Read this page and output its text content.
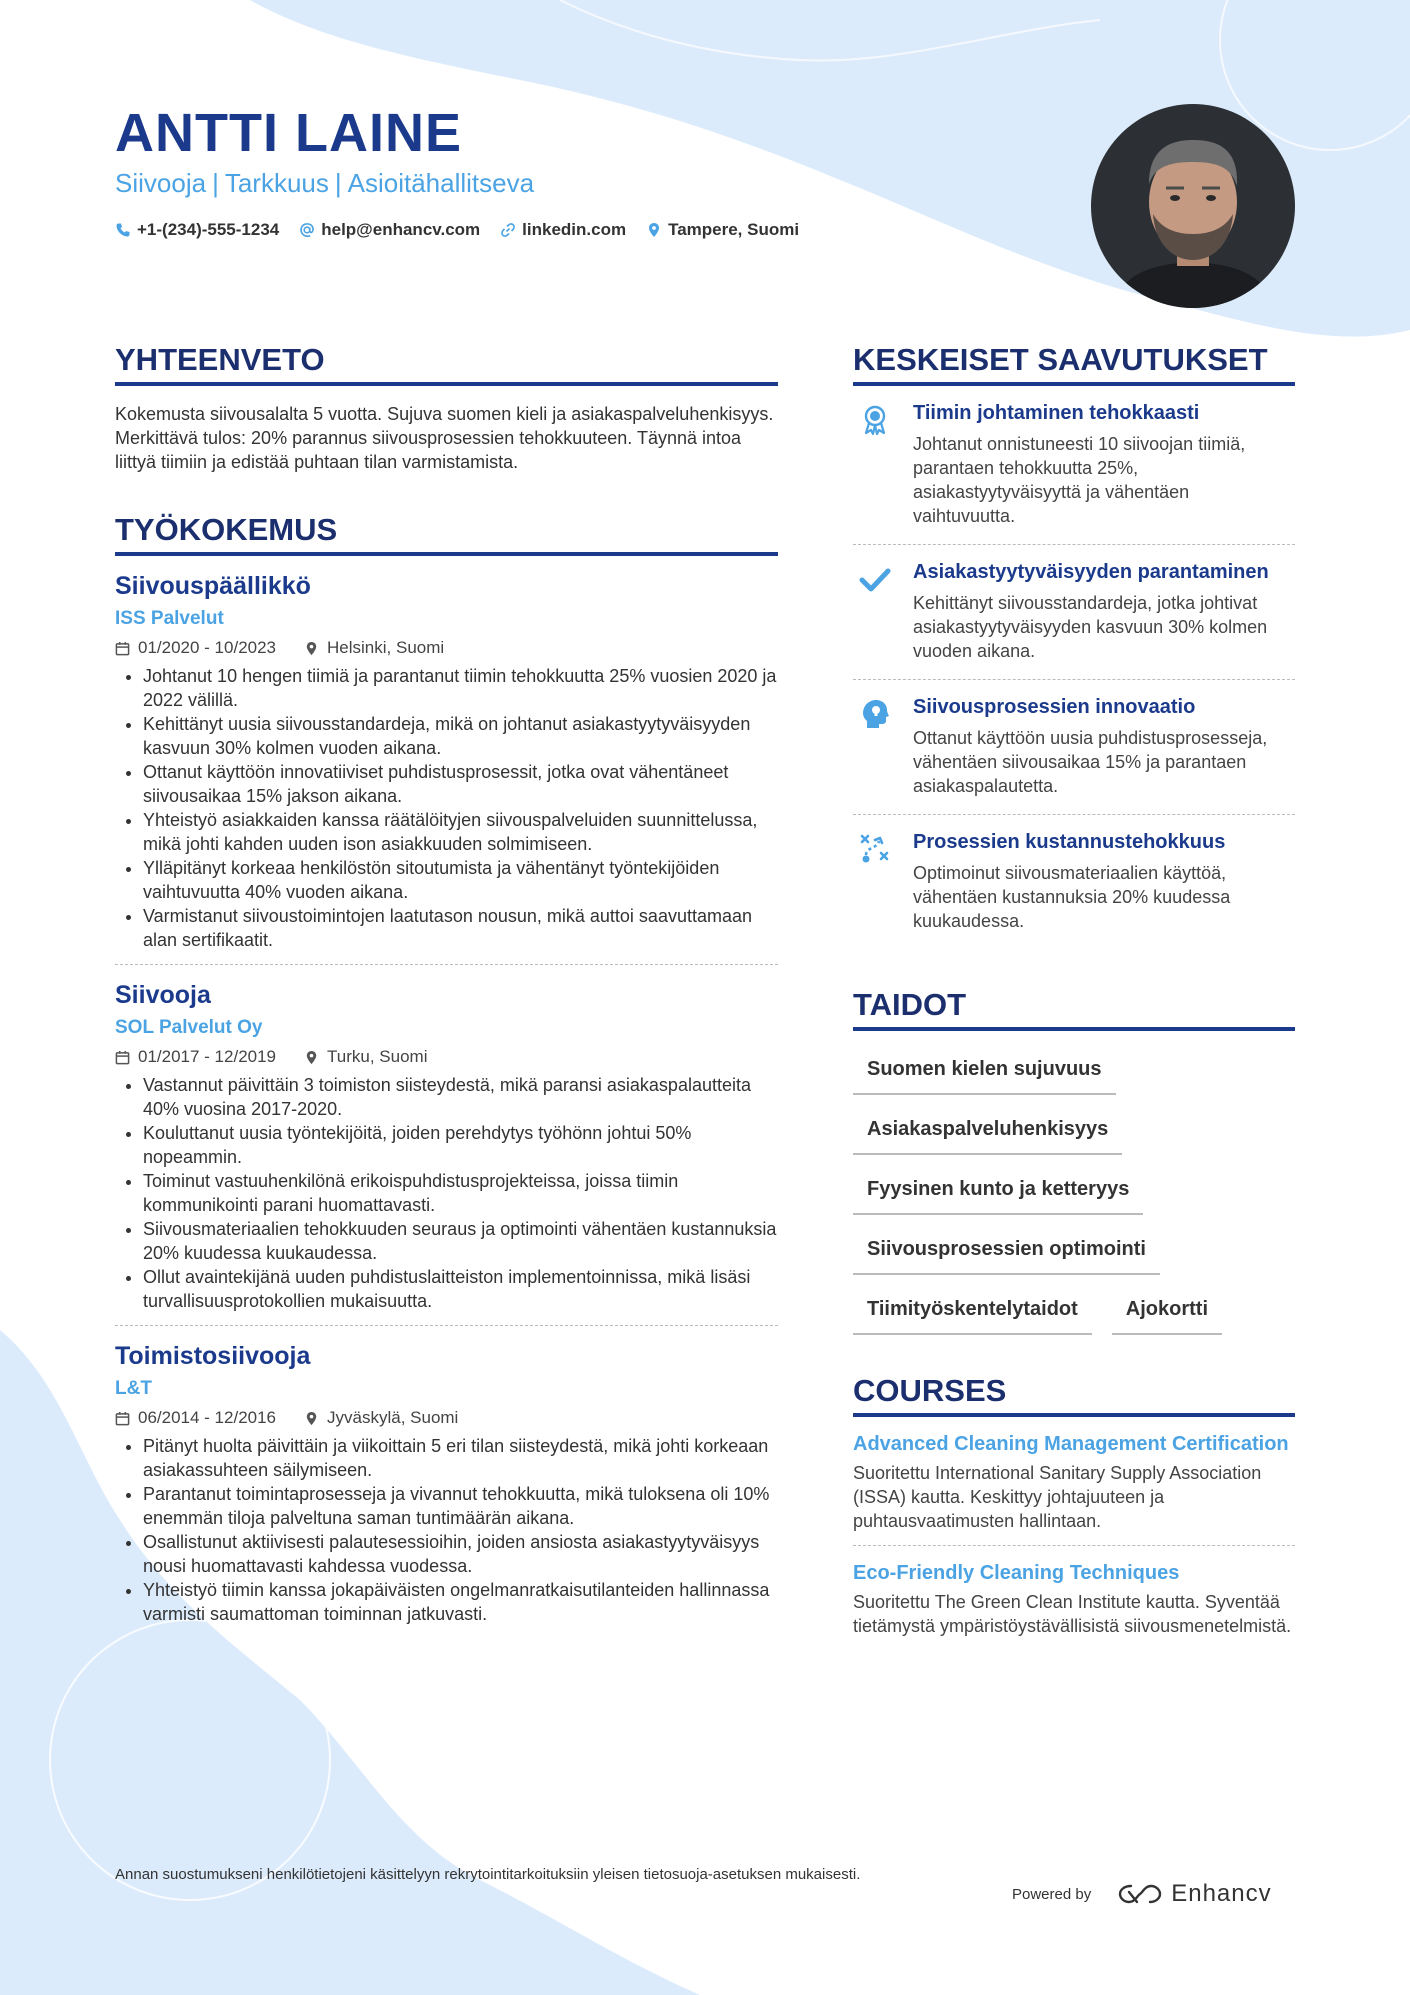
ANTTI LAINE
Siivooja | Tarkkuus | Asioitähallitseva
+1-(234)-555-1234 help@enhancv.com linkedin.com Tampere, Suomi
YHTEENVETO

Kokemusta siivousalalta 5 vuotta. Sujuva suomen kieli ja asiakaspalveluhenkisyys. Merkittävä tulos: 20% parannus siivousprosessien tehokkuuteen. Täynnä intoa liittyä tiimiin ja edistää puhtaan tilan varmistamista.

TYÖKOKEMUS
Siivouspäällikkö
ISS Palvelut
01/2020 - 10/2023	Helsinki, Suomi
• Johtanut 10 hengen tiimiä ja parantanut tiimin tehokkuutta 25% vuosien 2020 ja 2022 välillä.
• Kehittänyt uusia siivousstandardeja, mikä on johtanut asiakastyytyväisyyden kasvuun 30% kolmen vuoden aikana.
• Ottanut käyttöön innovatiiviset puhdistusprosessit, jotka ovat vähentäneet siivousaikaa 15% jakson aikana.
• Yhteistyö asiakkaiden kanssa räätälöityjen siivouspalveluiden suunnittelussa, mikä johti kahden uuden ison asiakkuuden solmimiseen.
• Ylläpitänyt korkeaa henkilöstön sitoutumista ja vähentänyt työntekijöiden vaihtuvuutta 40% vuoden aikana.
• Varmistanut siivoustoimintojen laatutason nousun, mikä auttoi saavuttamaan alan sertifikaatit.
Siivooja
SOL Palvelut Oy
01/2017 - 12/2019	Turku, Suomi
• Vastannut päivittäin 3 toimiston siisteydestä, mikä paransi asiakaspalautteita 40% vuosina 2017-2020.
• Kouluttanut uusia työntekijöitä, joiden perehdytys työhönn johtui 50% nopeammin.
• Toiminut vastuuhenkilönä erikoispuhdistusprojekteissa, joissa tiimin kommunikointi parani huomattavasti.
• Siivousmateriaalien tehokkuuden seuraus ja optimointi vähentäen kustannuksia 20% kuudessa kuukaudessa.
• Ollut avaintekijänä uuden puhdistuslaitteiston implementoinnissa, mikä lisäsi turvallisuusprotokollien mukaisuutta.
Toimistosiivooja
L&T
06/2014 - 12/2016	Jyväskylä, Suomi
• Pitänyt huolta päivittäin ja viikoittain 5 eri tilan siisteydestä, mikä johti korkeaan asiakassuhteen säilymiseen.
• Parantanut toimintaprosesseja ja vivannut tehokkuutta, mikä tuloksena oli 10% enemmän tiloja palveltuna saman tuntimäärän aikana.
• Osallistunut aktiivisesti palautesessioihin, joiden ansiosta asiakastyytyväisyys nousi huomattavasti kahdessa vuodessa.
• Yhteistyö tiimin kanssa jokapäiväisten ongelmanratkaisutilanteiden hallinnassa varmisti saumattoman toiminnan jatkuvasti.
KESKEISET SAAVUTUKSET
Tiimin johtaminen tehokkaasti
Johtanut onnistuneesti 10 siivoojan tiimiä, parantaen tehokkuutta 25%, asiakastyytyväisyyttä ja vähentäen vaihtuvuutta.
Asiakastyytyväisyyden parantaminen
Kehittänyt siivousstandardeja, jotka johtivat asiakastyytyväisyyden kasvuun 30% kolmen vuoden aikana.
Siivousprosessien innovaatio
Ottanut käyttöön uusia puhdistusprosesseja, vähentäen siivousaikaa 15% ja parantaen asiakaspalautetta.
Prosessien kustannustehokkuus
Optimoinut siivousmateriaalien käyttöä, vähentäen kustannuksia 20% kuudessa kuukaudessa.
TAIDOT
Suomen kielen sujuvuus
Asiakaspalveluhenkisyys
Fyysinen kunto ja ketteryys
Siivousprosessien optimointi
Tiimityöskentelytaidot	Ajokortti
COURSES
Advanced Cleaning Management Certification
Suoritettu International Sanitary Supply Association (ISSA) kautta. Keskittyy johtajuuteen ja puhtausvaatimusten hallintaan.
Eco-Friendly Cleaning Techniques
Suoritettu The Green Clean Institute kautta. Syventää tietämystä ympäristöystävällisistä siivousmenetelmistä.
Annan suostumukseni henkilötietojeni käsittelyyn rekrytointitarkoituksiin yleisen tietosuoja-asetuksen mukaisesti.
Powered by	Enhancv
